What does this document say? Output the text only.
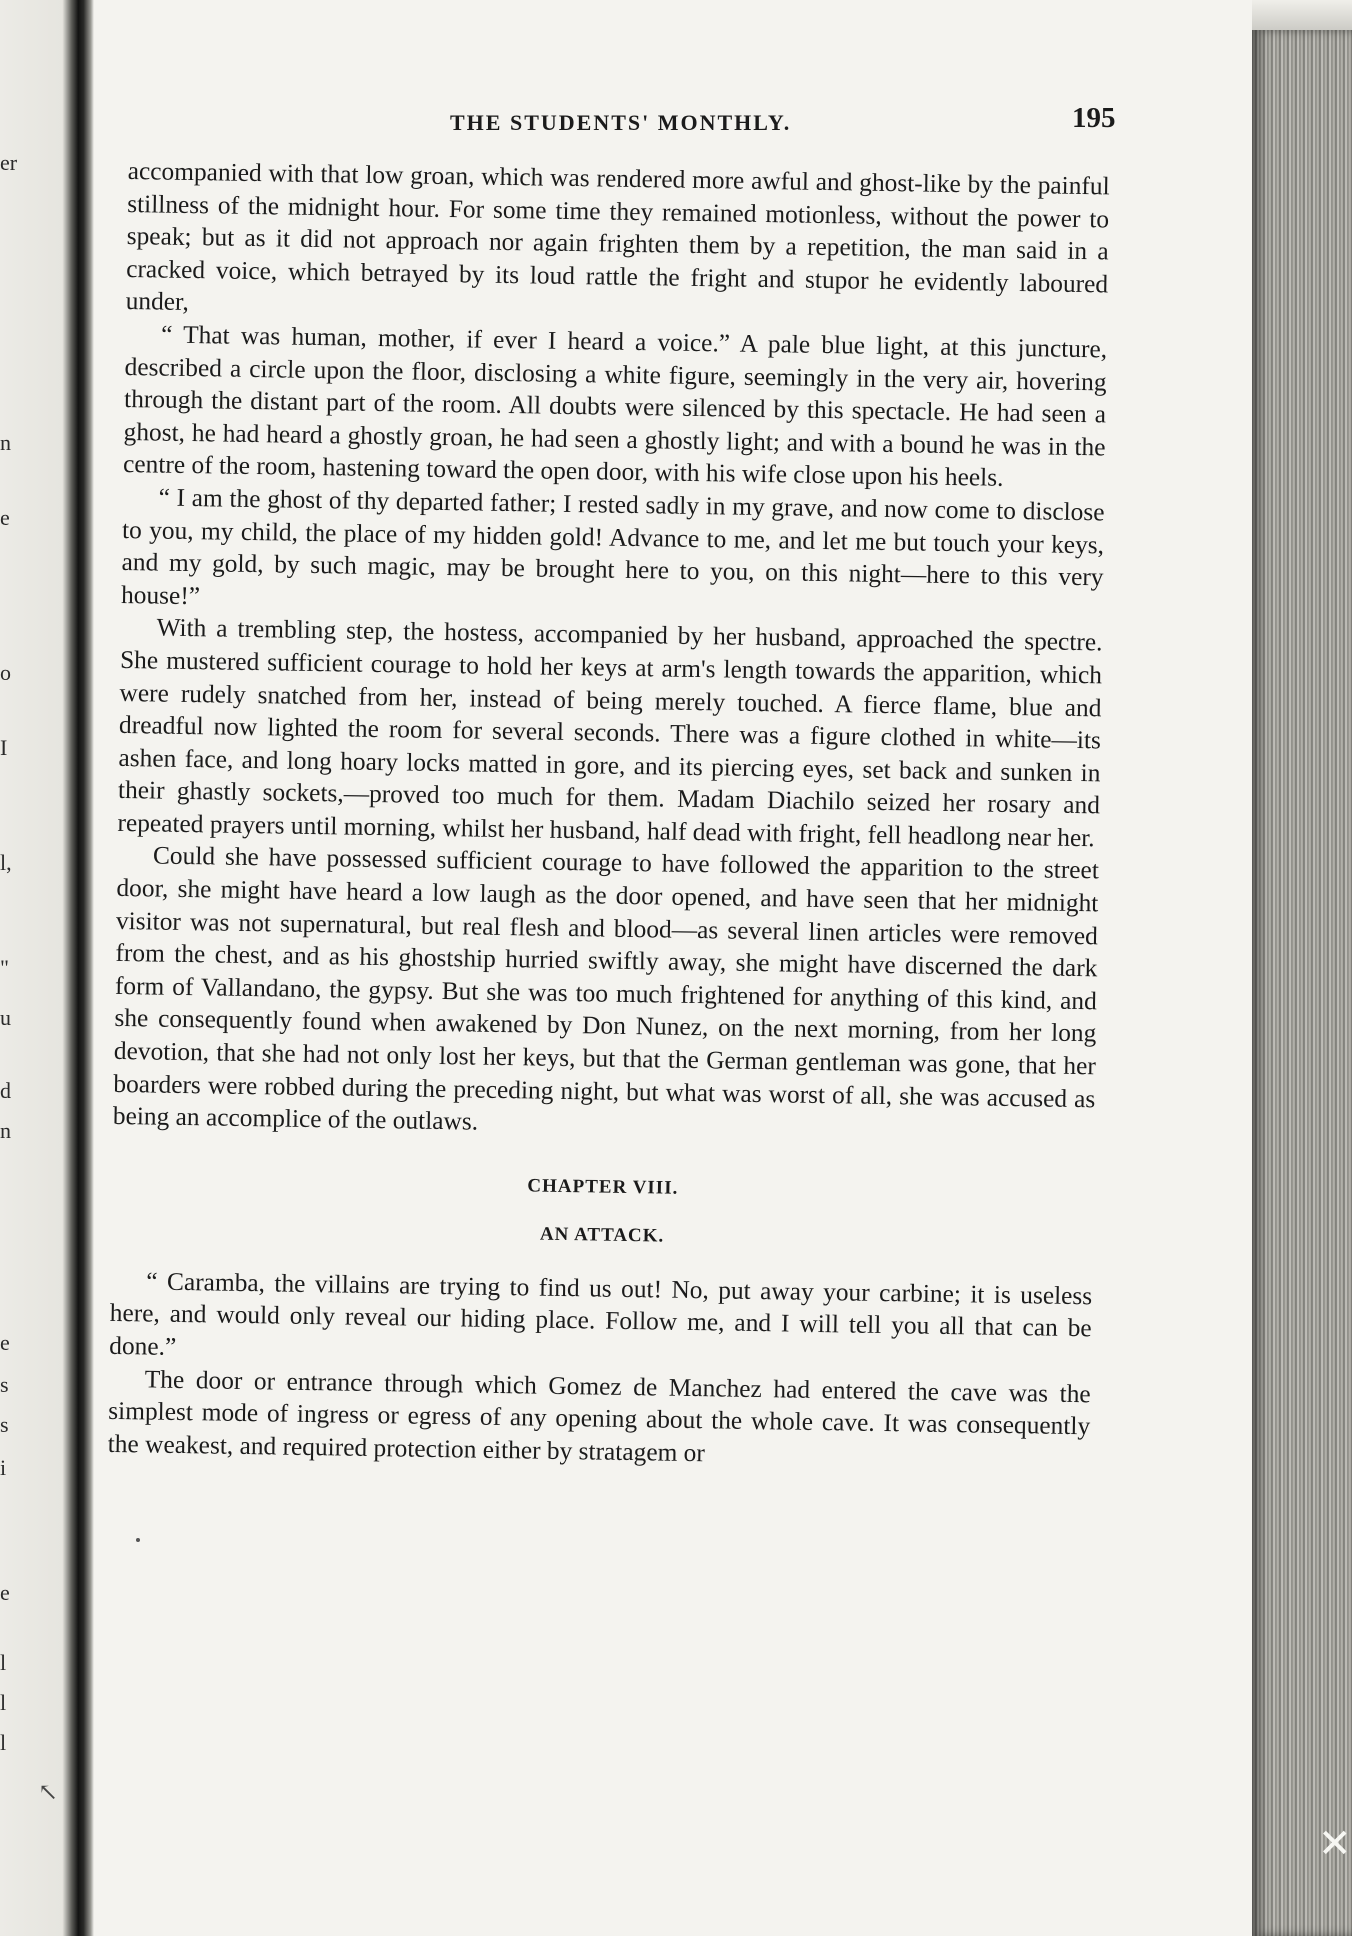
er
n
e
o
I
l,
"
u
d
n
e
s
s
i
e
l
l
l
✕
THE STUDENTS' MONTHLY.	195

accompanied with that low groan, which was rendered more awful and ghost-like by the painful stillness of the midnight hour. For some time they remained motionless, without the power to speak; but as it did not approach nor again frighten them by a repetition, the man said in a cracked voice, which betrayed by its loud rattle the fright and stupor he evidently laboured under,

“ That was human, mother, if ever I heard a voice.” A pale blue light, at this juncture, described a circle upon the floor, disclosing a white figure, seemingly in the very air, hovering through the distant part of the room. All doubts were silenced by this spectacle. He had seen a ghost, he had heard a ghostly groan, he had seen a ghostly light; and with a bound he was in the centre of the room, hastening toward the open door, with his wife close upon his heels.

“ I am the ghost of thy departed father; I rested sadly in my grave, and now come to disclose to you, my child, the place of my hidden gold! Advance to me, and let me but touch your keys, and my gold, by such magic, may be brought here to you, on this night—here to this very house!”

With a trembling step, the hostess, accompanied by her husband, approached the spectre. She mustered sufficient courage to hold her keys at arm's length towards the apparition, which were rudely snatched from her, instead of being merely touched. A fierce flame, blue and dreadful now lighted the room for several seconds. There was a figure clothed in white—its ashen face, and long hoary locks matted in gore, and its piercing eyes, set back and sunken in their ghastly sockets,—proved too much for them. Madam Diachilo seized her rosary and repeated prayers until morning, whilst her husband, half dead with fright, fell headlong near her.

Could she have possessed sufficient courage to have followed the apparition to the street door, she might have heard a low laugh as the door opened, and have seen that her midnight visitor was not supernatural, but real flesh and blood—as several linen articles were removed from the chest, and as his ghostship hurried swiftly away, she might have discerned the dark form of Vallandano, the gypsy. But she was too much frightened for anything of this kind, and she consequently found when awakened by Don Nunez, on the next morning, from her long devotion, that she had not only lost her keys, but that the German gentleman was gone, that her boarders were robbed during the preceding night, but what was worst of all, she was accused as being an accomplice of the outlaws.

CHAPTER VIII.
AN ATTACK.

“ Caramba, the villains are trying to find us out! No, put away your carbine; it is useless here, and would only reveal our hiding place. Follow me, and I will tell you all that can be done.”

The door or entrance through which Gomez de Manchez had entered the cave was the simplest mode of ingress or egress of any opening about the whole cave. It was consequently the weakest, and required protection either by stratagem or

↖
